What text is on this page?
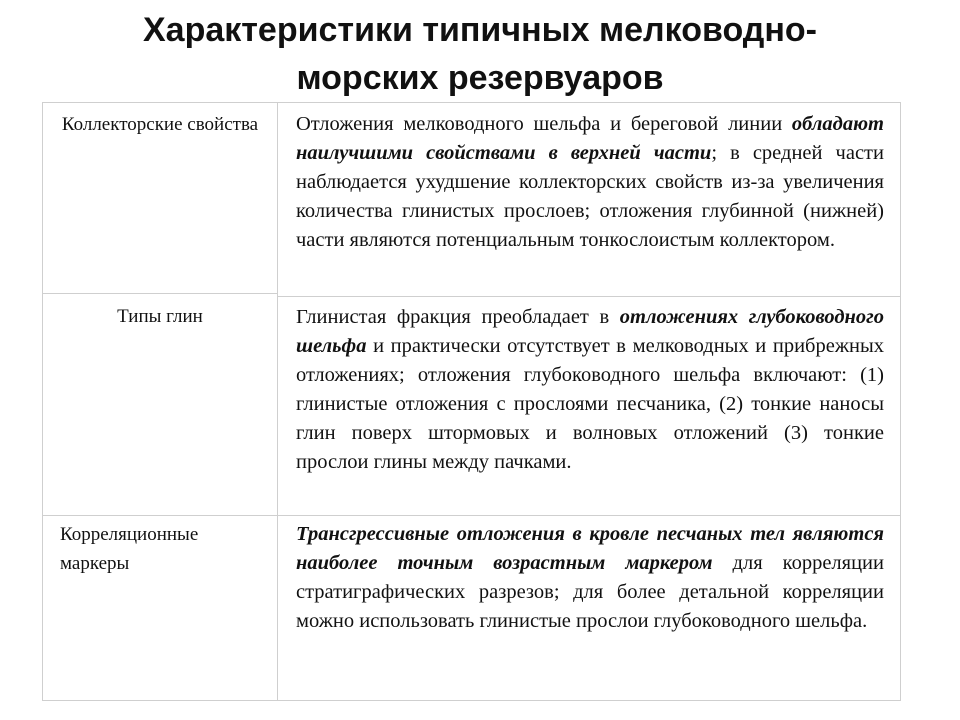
Характеристики типичных мелководно-
морских резервуаров
Коллекторские свойства Отложения мелководного шельфа и береговой линии обладают наилучшими свойствами в верхней части; в средней части наблюдается ухудшение коллекторских свойств из-за увеличения количества глинистых прослоев; отложения глубинной (нижней) части являются потенциальным тонкослоистым коллектором.
Типы глин	Глинистая фракция преобладает в отложениях глубоководного шельфа и практически отсутствует в мелководных и прибрежных отложениях; отложения глубоководного шельфа включают: (1) глинистые отложения с прослоями песчаника, (2) тонкие наносы глин поверх штормовых и волновых отложений (3) тонкие прослои глины между пачками.
Корреляционные маркеры
Трансгрессивные отложения в кровле песчаных тел являются наиболее точным возрастным маркером для корреляции стратиграфических разрезов; для более детальной корреляции можно использовать глинистые прослои глубоководного шельфа.
